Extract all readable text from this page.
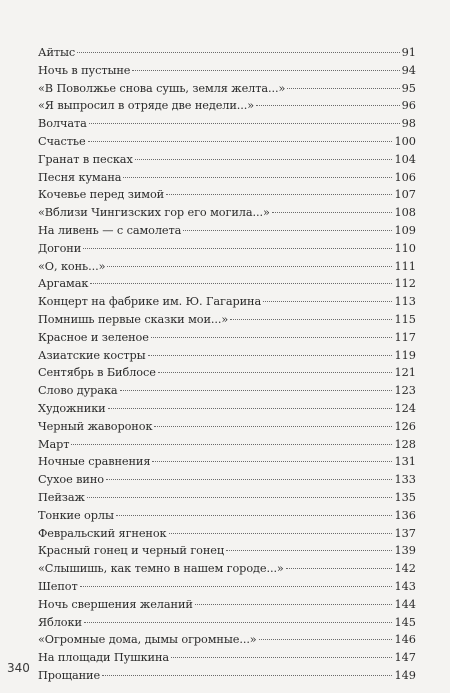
Айтыс	91
Ночь в пустыне	94
«В Поволжье снова сушь, земля желта...»	95
«Я выпросил в отряде две недели...»	96
Волчата	98
Счастье	100
Гранат в песках	104
Песня кумана	106
Кочевье перед зимой	107
«Вблизи Чингизских гор его могила...»	108
На ливень — с самолета	109
Догони	110
«О, конь...»	111
Аргамак	112
Концерт на фабрике им. Ю. Гагарина	113
Помнишь первые сказки мои...»	115
Красное и зеленое	117
Азиатские костры	119
Сентябрь в Библосе	121
Слово дурака	123
Художники	124
Черный жаворонок	126
Март	128
Ночные сравнения	131
Сухое вино	133
Пейзаж	135
Тонкие орлы	136
Февральский ягненок	137
Красный гонец и черный гонец	139
«Слышишь, как темно в нашем городе...»	142
Шепот	143
Ночь свершения желаний	144
Яблоки	145
«Огромные дома, дымы огромные...»	146
На площади Пушкина	147
Прощание	149
340
